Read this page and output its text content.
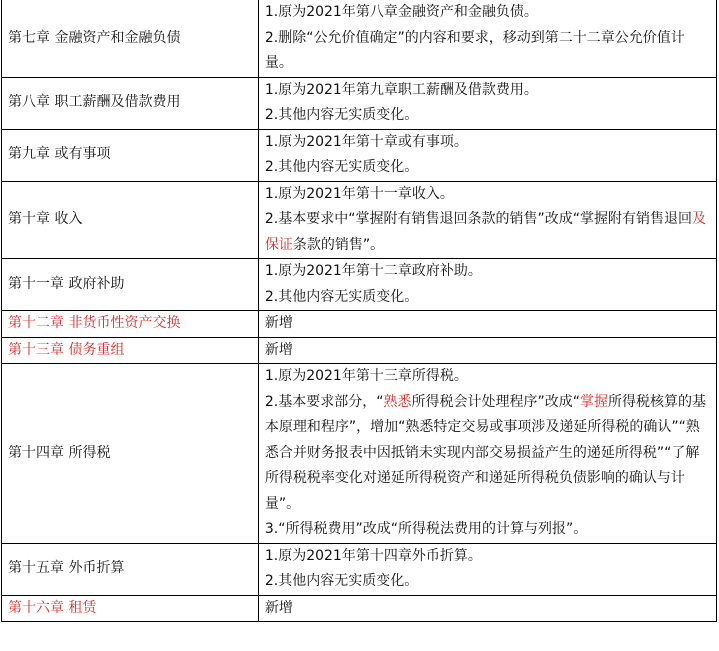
第七章 金融资产和金融负债	1.原为2021年第八章金融资产和金融负债。
2.删除“公允价值确定”的内容和要求，移动到第二十二章公允价值计量。

第八章 职工薪酬及借款费用	1.原为2021年第九章职工薪酬及借款费用。
2.其他内容无实质变化。

第九章 或有事项	1.原为2021年第十章或有事项。
2.其他内容无实质变化。

第十章 收入	1.原为2021年第十一章收入。
2.基本要求中“掌握附有销售退回条款的销售”改成“掌握附有销售退回及保证条款的销售”。

第十一章 政府补助	1.原为2021年第十二章政府补助。
2.其他内容无实质变化。

第十二章 非货币性资产交换	新增

第十三章 债务重组	新增

第十四章 所得税	1.原为2021年第十三章所得税。
2.基本要求部分，“熟悉所得税会计处理程序”改成“掌握所得税核算的基本原理和程序”，增加“熟悉特定交易或事项涉及递延所得税的确认”“熟悉合并财务报表中因抵销未实现内部交易损益产生的递延所得税”“了解所得税税率变化对递延所得税资产和递延所得税负债影响的确认与计量”。
3.“所得税费用”改成“所得税法费用的计算与列报”。

第十五章 外币折算	1.原为2021年第十四章外币折算。
2.其他内容无实质变化。

第十六章 租赁	新增
